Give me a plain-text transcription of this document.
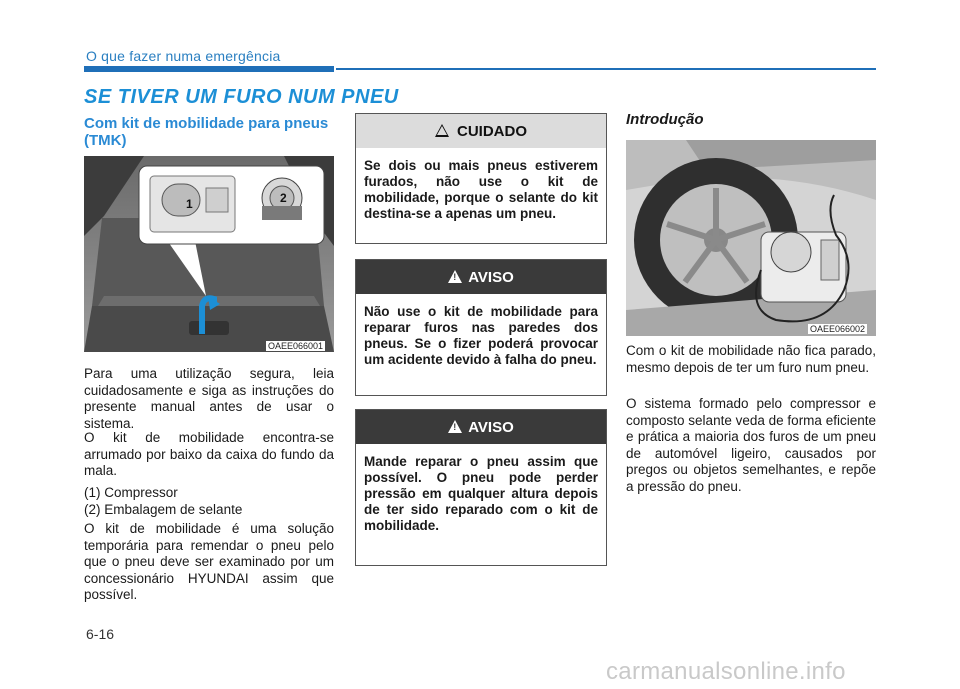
O que fazer numa emergência
SE TIVER UM FURO NUM PNEU
Com kit de mobilidade para pneus (TMK)
1	2
OAEE066001
Para uma utilização segura, leia cuidadosamente e siga as instruções do presente manual antes de usar o sistema.
O kit de mobilidade encontra-se arrumado por baixo da caixa do fundo da mala.
(1) Compressor
(2) Embalagem de selante
O kit de mobilidade é uma solução temporária para remendar o pneu pelo que o pneu deve ser examinado por um concessionário HYUNDAI assim que possível.
CUIDADO
Se dois ou mais pneus estiverem furados, não use o kit de mobilidade, porque o selante do kit destina-se a apenas um pneu.
!
AVISO
Não use o kit de mobilidade para reparar furos nas paredes dos pneus. Se o fizer poderá provocar um acidente devido à falha do pneu.
!
AVISO
Mande reparar o pneu assim que possível. O pneu pode perder pressão em qualquer altura depois de ter sido reparado com o kit de mobilidade.
Introdução
OAEE066002
Com o kit de mobilidade não fica parado, mesmo depois de ter um furo num pneu.
O sistema formado pelo compressor e composto selante veda de forma eficiente e prática a maioria dos furos de um pneu de automóvel ligeiro, causados por pregos ou objetos semelhantes, e repõe a pressão do pneu.
6-16
carmanualsonline.info
